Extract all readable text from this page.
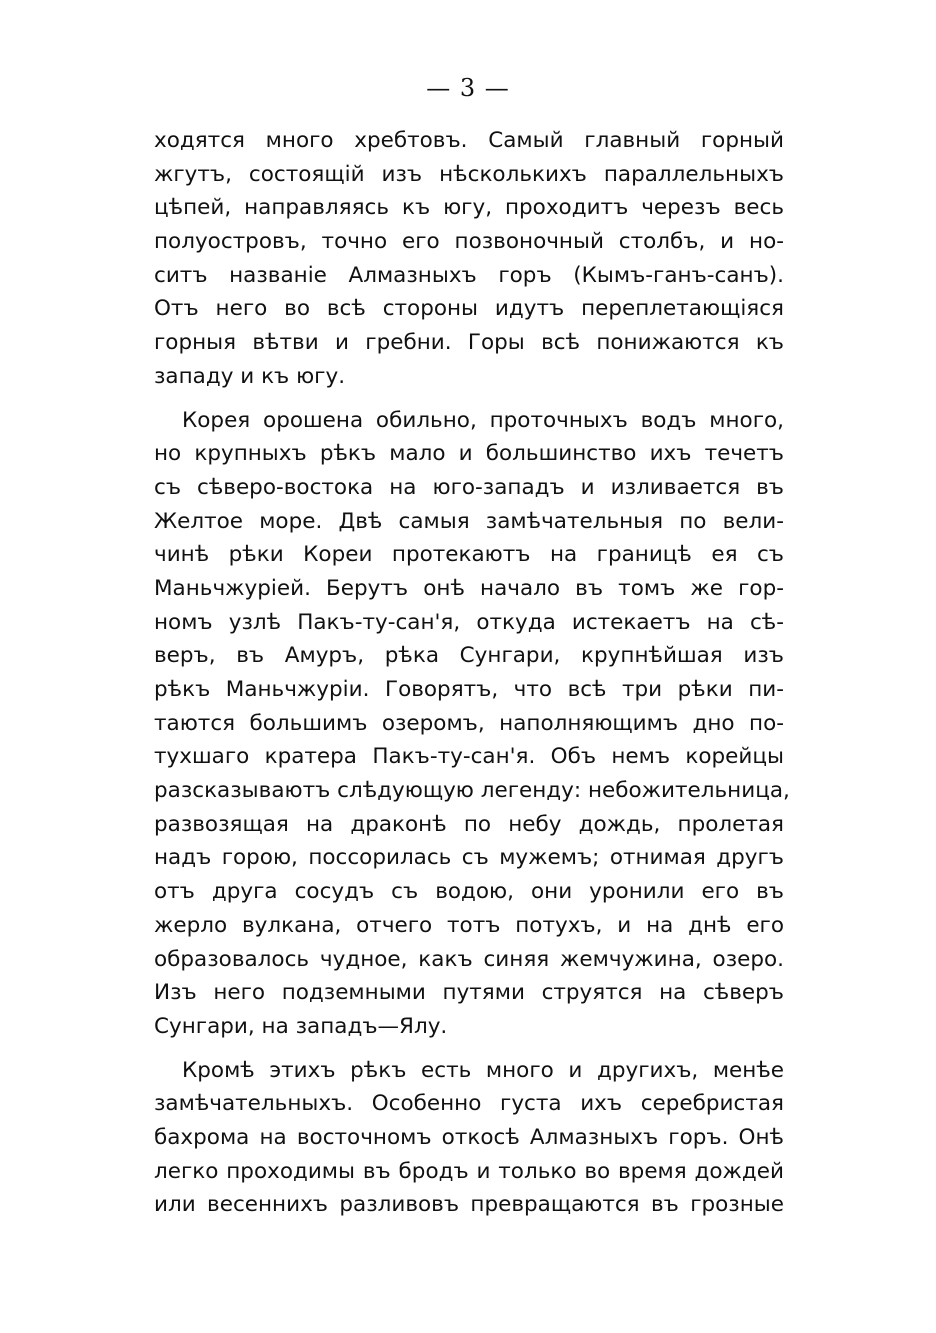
— 3 —
ходятся много хребтовъ. Самый главный горный
жгутъ, состоящій изъ нѣсколькихъ параллельныхъ
цѣпей, направляясь къ югу, проходитъ черезъ весь
полуостровъ, точно его позвоночный столбъ, и но-
ситъ названіе Алмазныхъ горъ (Кымъ-ганъ-санъ).
Отъ него во всѣ стороны идутъ переплетающіяся
горныя вѣтви и гребни. Горы всѣ понижаются къ
западу и къ югу.
Корея орошена обильно, проточныхъ водъ много,
но крупныхъ рѣкъ мало и большинство ихъ течетъ
съ сѣверо-востока на юго-западъ и изливается въ
Желтое море. Двѣ самыя замѣчательныя по вели-
чинѣ рѣки Кореи протекаютъ на границѣ ея съ
Маньчжуріей. Берутъ онѣ начало въ томъ же гор-
номъ узлѣ Пакъ-ту-сан'я, откуда истекаетъ на сѣ-
веръ, въ Амуръ, рѣка Сунгари, крупнѣйшая изъ
рѣкъ Маньчжуріи. Говорятъ, что всѣ три рѣки пи-
таются большимъ озеромъ, наполняющимъ дно по-
тухшаго кратера Пакъ-ту-сан'я. Объ немъ корейцы
разсказываютъ слѣдующую легенду: небожительница,
развозящая на драконѣ по небу дождь, пролетая
надъ горою, поссорилась съ мужемъ; отнимая другъ
отъ друга сосудъ съ водою, они уронили его въ
жерло вулкана, отчего тотъ потухъ, и на днѣ его
образовалось чудное, какъ синяя жемчужина, озеро.
Изъ него подземными путями струятся на сѣверъ
Сунгари, на западъ—Ялу.
Кромѣ этихъ рѣкъ есть много и другихъ, менѣе
замѣчательныхъ. Особенно густа ихъ серебристая
бахрома на восточномъ откосѣ Алмазныхъ горъ. Онѣ
легко проходимы въ бродъ и только во время дождей
или весеннихъ разливовъ превращаются въ грозные
